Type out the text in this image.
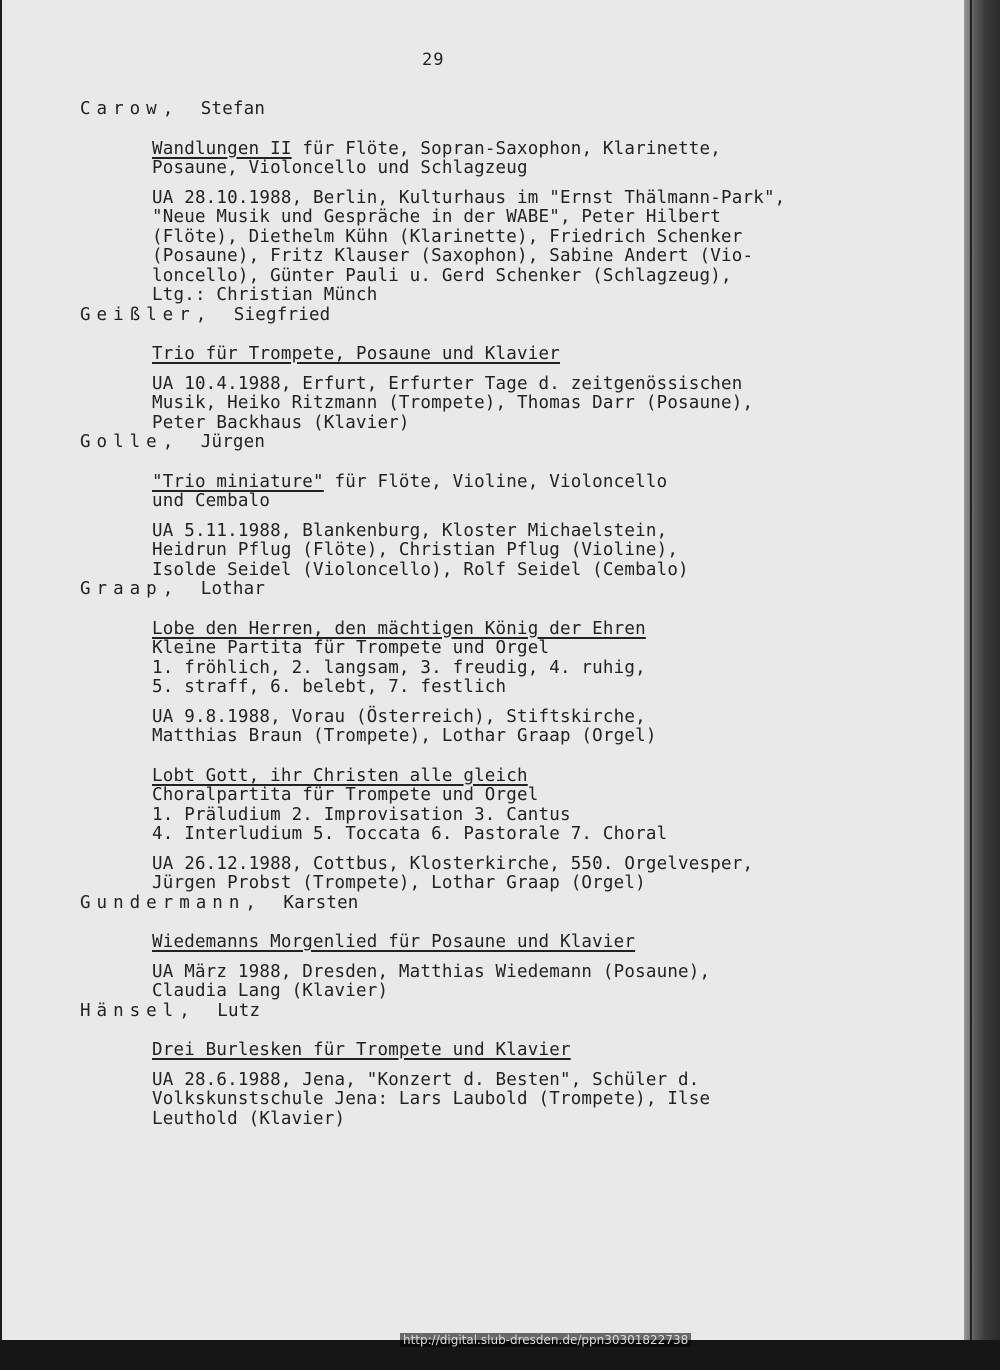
29
Carow, Stefan
Wandlungen II für Flöte, Sopran-Saxophon, Klarinette,
Posaune, Violoncello und Schlagzeug
UA 28.10.1988, Berlin, Kulturhaus im "Ernst Thälmann-Park",
"Neue Musik und Gespräche in der WABE", Peter Hilbert
(Flöte), Diethelm Kühn (Klarinette), Friedrich Schenker
(Posaune), Fritz Klauser (Saxophon), Sabine Andert (Vio-
loncello), Günter Pauli u. Gerd Schenker (Schlagzeug),
Ltg.: Christian Münch
Geißler, Siegfried
Trio für Trompete, Posaune und Klavier
UA 10.4.1988, Erfurt, Erfurter Tage d. zeitgenössischen
Musik, Heiko Ritzmann (Trompete), Thomas Darr (Posaune),
Peter Backhaus (Klavier)
Golle, Jürgen
"Trio miniature" für Flöte, Violine, Violoncello
und Cembalo
UA 5.11.1988, Blankenburg, Kloster Michaelstein,
Heidrun Pflug (Flöte), Christian Pflug (Violine),
Isolde Seidel (Violoncello), Rolf Seidel (Cembalo)
Graap, Lothar
Lobe den Herren, den mächtigen König der Ehren
Kleine Partita für Trompete und Orgel
1. fröhlich, 2. langsam, 3. freudig, 4. ruhig,
5. straff, 6. belebt, 7. festlich
UA 9.8.1988, Vorau (Österreich), Stiftskirche,
Matthias Braun (Trompete), Lothar Graap (Orgel)
Lobt Gott, ihr Christen alle gleich
Choralpartita für Trompete und Orgel
1. Präludium 2. Improvisation 3. Cantus
4. Interludium 5. Toccata 6. Pastorale 7. Choral
UA 26.12.1988, Cottbus, Klosterkirche, 550. Orgelvesper,
Jürgen Probst (Trompete), Lothar Graap (Orgel)
Gundermann, Karsten
Wiedemanns Morgenlied für Posaune und Klavier
UA März 1988, Dresden, Matthias Wiedemann (Posaune),
Claudia Lang (Klavier)
Hänsel, Lutz
Drei Burlesken für Trompete und Klavier
UA 28.6.1988, Jena, "Konzert d. Besten", Schüler d.
Volkskunstschule Jena: Lars Laubold (Trompete), Ilse
Leuthold (Klavier)
http://digital.slub-dresden.de/ppn30301822738
